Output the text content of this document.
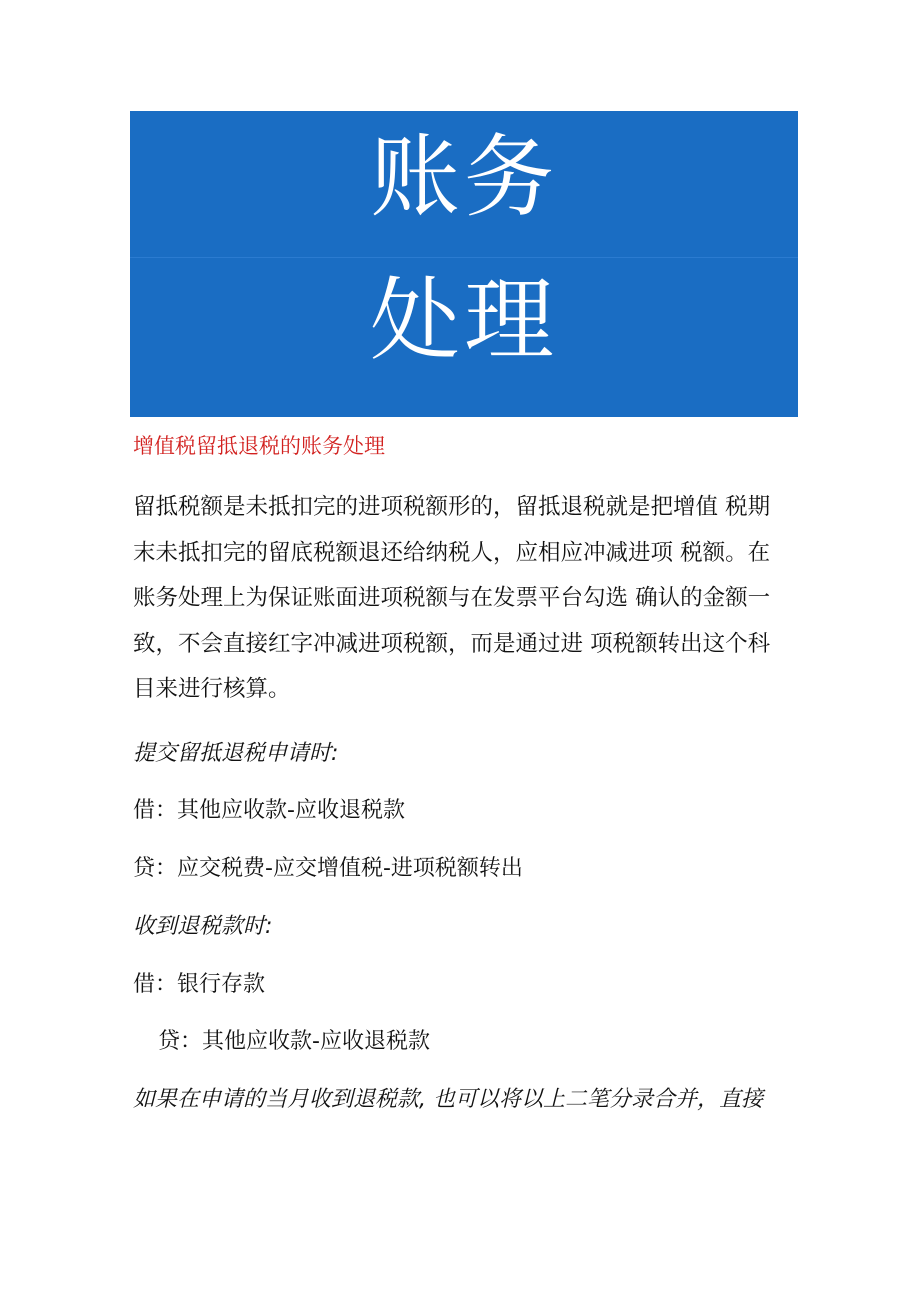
账务
处理
增值税留抵退税的账务处理
留抵税额是未抵扣完的进项税额形的，留抵退税就是把增值 税期
末未抵扣完的留底税额退还给纳税人，应相应冲减进项 税额。在
账务处理上为保证账面进项税额与在发票平台勾选 确认的金额一
致，不会直接红字冲减进项税额，而是通过进 项税额转出这个科
目来进行核算。
提交留抵退税申请时:
借：其他应收款-应收退税款
贷：应交税费-应交增值税-进项税额转出
收到退税款时:
借：银行存款
贷：其他应收款-应收退税款
如果在申请的当月收到退税款, 也可以将以上二笔分录合并，直接
